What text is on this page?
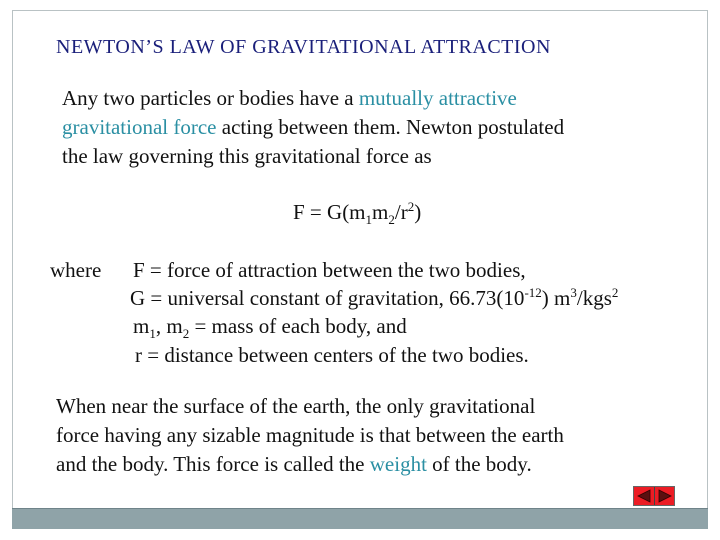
NEWTON’S LAW OF GRAVITATIONAL ATTRACTION
Any two particles or bodies have a mutually attractive
gravitational force acting between them. Newton postulated
the law governing this gravitational force as
$F = G(m_1m_2/r^2)$
where F = force of attraction between the two bodies,
G = universal constant of gravitation, $66.73(10^{-12})$ $m^3/kgs^2$
$m_1$, $m_2$ = mass of each body, and
r = distance between centers of the two bodies.
When near the surface of the earth, the only gravitational
force having any sizable magnitude is that between the earth
and the body. This force is called the weight of the body.
